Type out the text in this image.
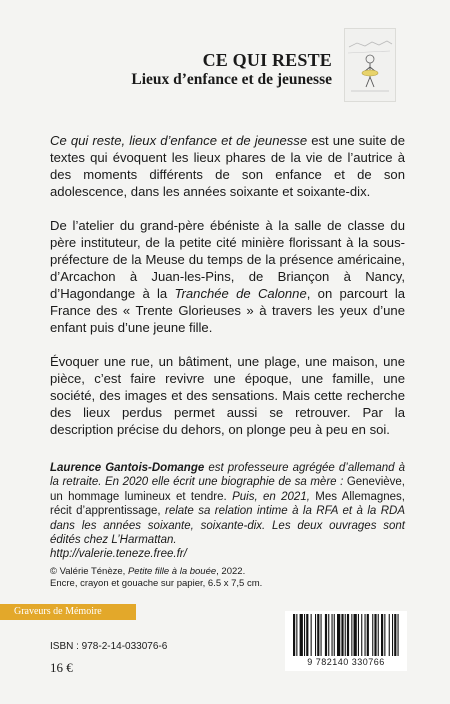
CE QUI RESTE
Lieux d’enfance et de jeunesse

Ce qui reste, lieux d’enfance et de jeunesse est une suite de textes qui évoquent les lieux phares de la vie de l’autrice à des moments différents de son enfance et de son adolescence, dans les années soixante et soixante-dix.

De l’atelier du grand-père ébéniste à la salle de classe du père instituteur, de la petite cité minière florissant à la sous-préfecture de la Meuse du temps de la présence américaine, d’Arcachon à Juan-les-Pins, de Briançon à Nancy, d’Hagondange à la Tranchée de Calonne, on parcourt la France des « Trente Glorieuses » à travers les yeux d’une enfant puis d’une jeune fille.

Évoquer une rue, un bâtiment, une plage, une maison, une pièce, c’est faire revivre une époque, une famille, une société, des images et des sensations. Mais cette recherche des lieux perdus permet aussi se retrouver. Par la description précise du dehors, on plonge peu à peu en soi.

Laurence Gantois-Domange est professeure agrégée d’allemand à la retraite. En 2020 elle écrit une biographie de sa mère : Geneviève, un hommage lumineux et tendre. Puis, en 2021, Mes Allemagnes, récit d’apprentissage, relate sa relation intime à la RFA et à la RDA dans les années soixante, soixante-dix. Les deux ouvrages sont édités chez L’Harmattan.
http://valerie.teneze.free.fr/
© Valérie Ténèze, Petite fille à la bouée, 2022.
Encre, crayon et gouache sur papier, 6.5 x 7,5 cm.
Graveurs de Mémoire
ISBN : 978-2-14-033076-6
16 €	9 782140 330766
